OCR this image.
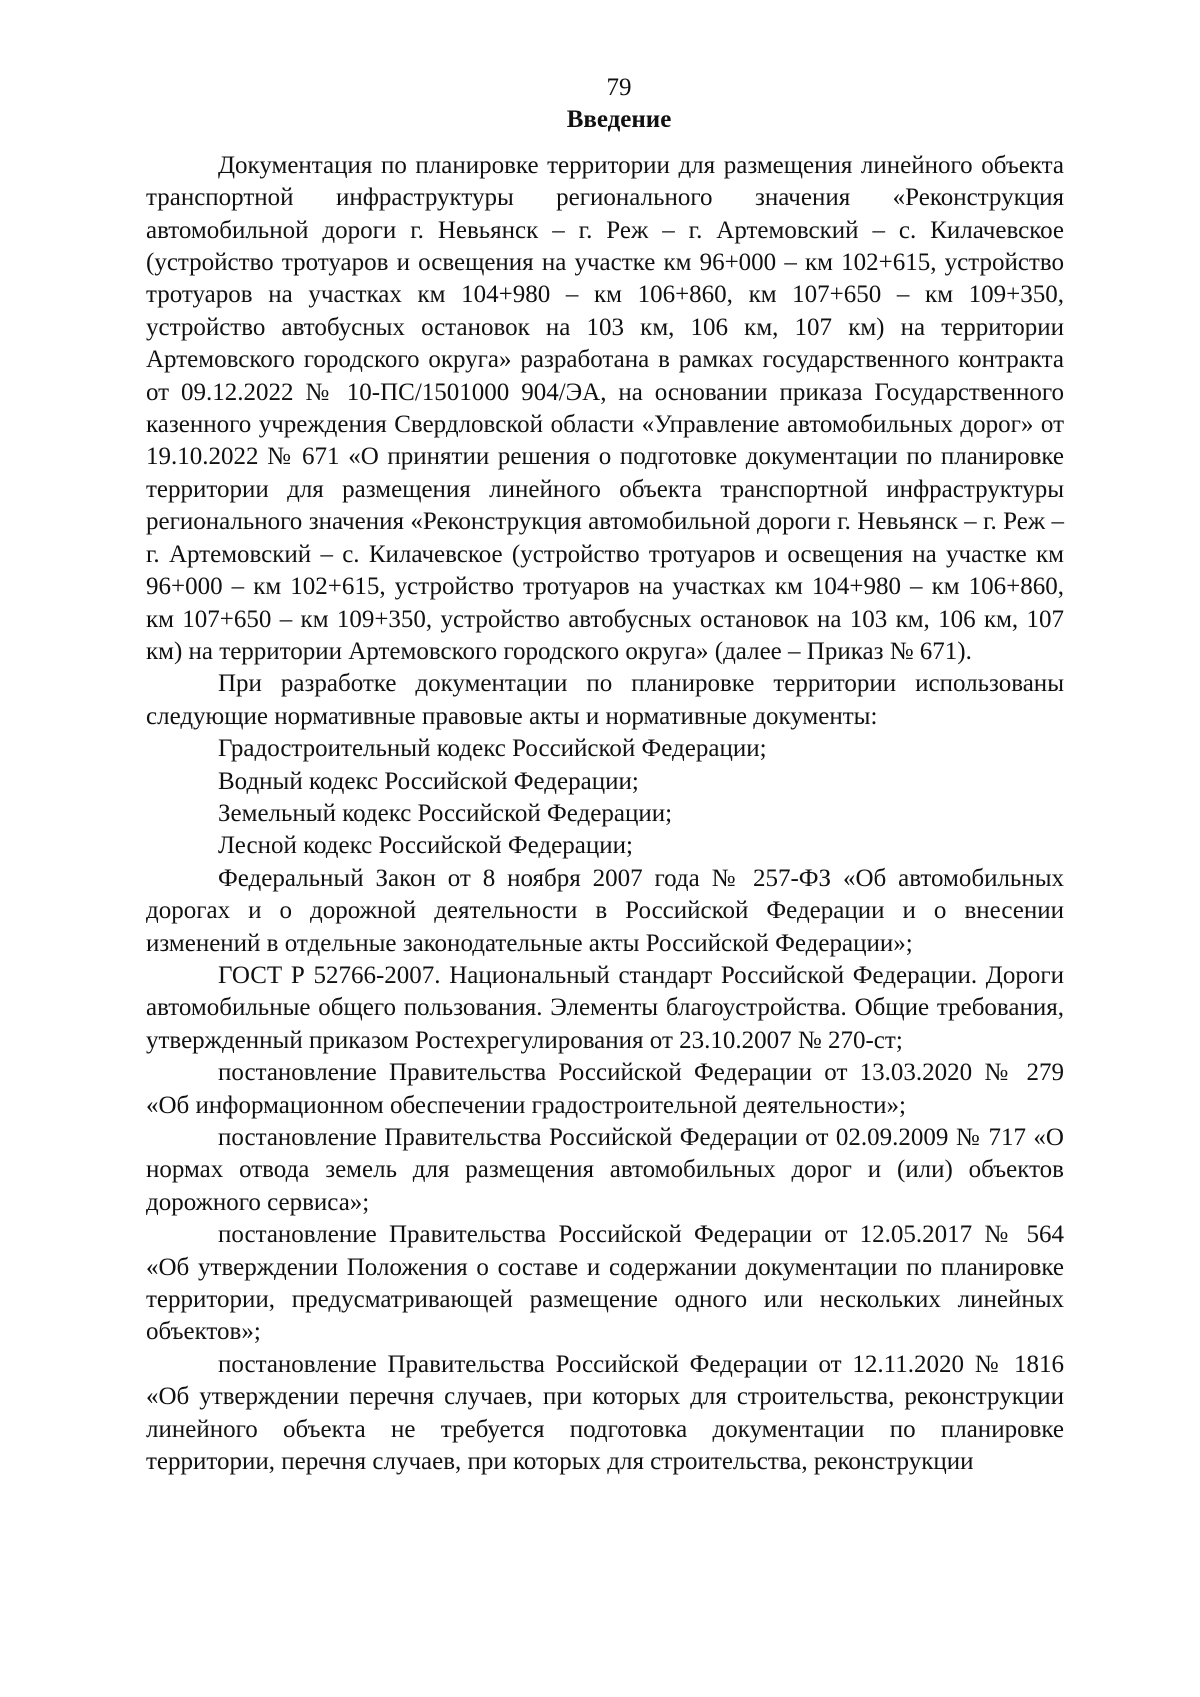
79

Введение

Документация по планировке территории для размещения линейного объекта транспортной инфраструктуры регионального значения «Реконструкция автомобильной дороги г. Невьянск – г. Реж – г. Артемовский – с. Килачевское (устройство тротуаров и освещения на участке км 96+000 – км 102+615, устройство тротуаров на участках км 104+980 – км 106+860, км 107+650 – км 109+350, устройство автобусных остановок на 103 км, 106 км, 107 км) на территории Артемовского городского округа» разработана в рамках государственного контракта от 09.12.2022 № 10-ПС/1501000 904/ЭА, на основании приказа Государственного казенного учреждения Свердловской области «Управление автомобильных дорог» от 19.10.2022 № 671 «О принятии решения о подготовке документации по планировке территории для размещения линейного объекта транспортной инфраструктуры регионального значения «Реконструкция автомобильной дороги г. Невьянск – г. Реж – г. Артемовский – с. Килачевское (устройство тротуаров и освещения на участке км 96+000 – км 102+615, устройство тротуаров на участках км 104+980 – км 106+860, км 107+650 – км 109+350, устройство автобусных остановок на 103 км, 106 км, 107 км) на территории Артемовского городского округа» (далее – Приказ № 671).

При разработке документации по планировке территории использованы следующие нормативные правовые акты и нормативные документы:

Градостроительный кодекс Российской Федерации;

Водный кодекс Российской Федерации;

Земельный кодекс Российской Федерации;

Лесной кодекс Российской Федерации;

Федеральный Закон от 8 ноября 2007 года № 257-ФЗ «Об автомобильных дорогах и о дорожной деятельности в Российской Федерации и о внесении изменений в отдельные законодательные акты Российской Федерации»;

ГОСТ Р 52766-2007. Национальный стандарт Российской Федерации. Дороги автомобильные общего пользования. Элементы благоустройства. Общие требования, утвержденный приказом Ростехрегулирования от 23.10.2007 № 270-ст;

постановление Правительства Российской Федерации от 13.03.2020 № 279 «Об информационном обеспечении градостроительной деятельности»;

постановление Правительства Российской Федерации от 02.09.2009 № 717 «О нормах отвода земель для размещения автомобильных дорог и (или) объектов дорожного сервиса»;

постановление Правительства Российской Федерации от 12.05.2017 № 564 «Об утверждении Положения о составе и содержании документации по планировке территории, предусматривающей размещение одного или нескольких линейных объектов»;

постановление Правительства Российской Федерации от 12.11.2020 № 1816 «Об утверждении перечня случаев, при которых для строительства, реконструкции линейного объекта не требуется подготовка документации по планировке территории, перечня случаев, при которых для строительства, реконструкции
